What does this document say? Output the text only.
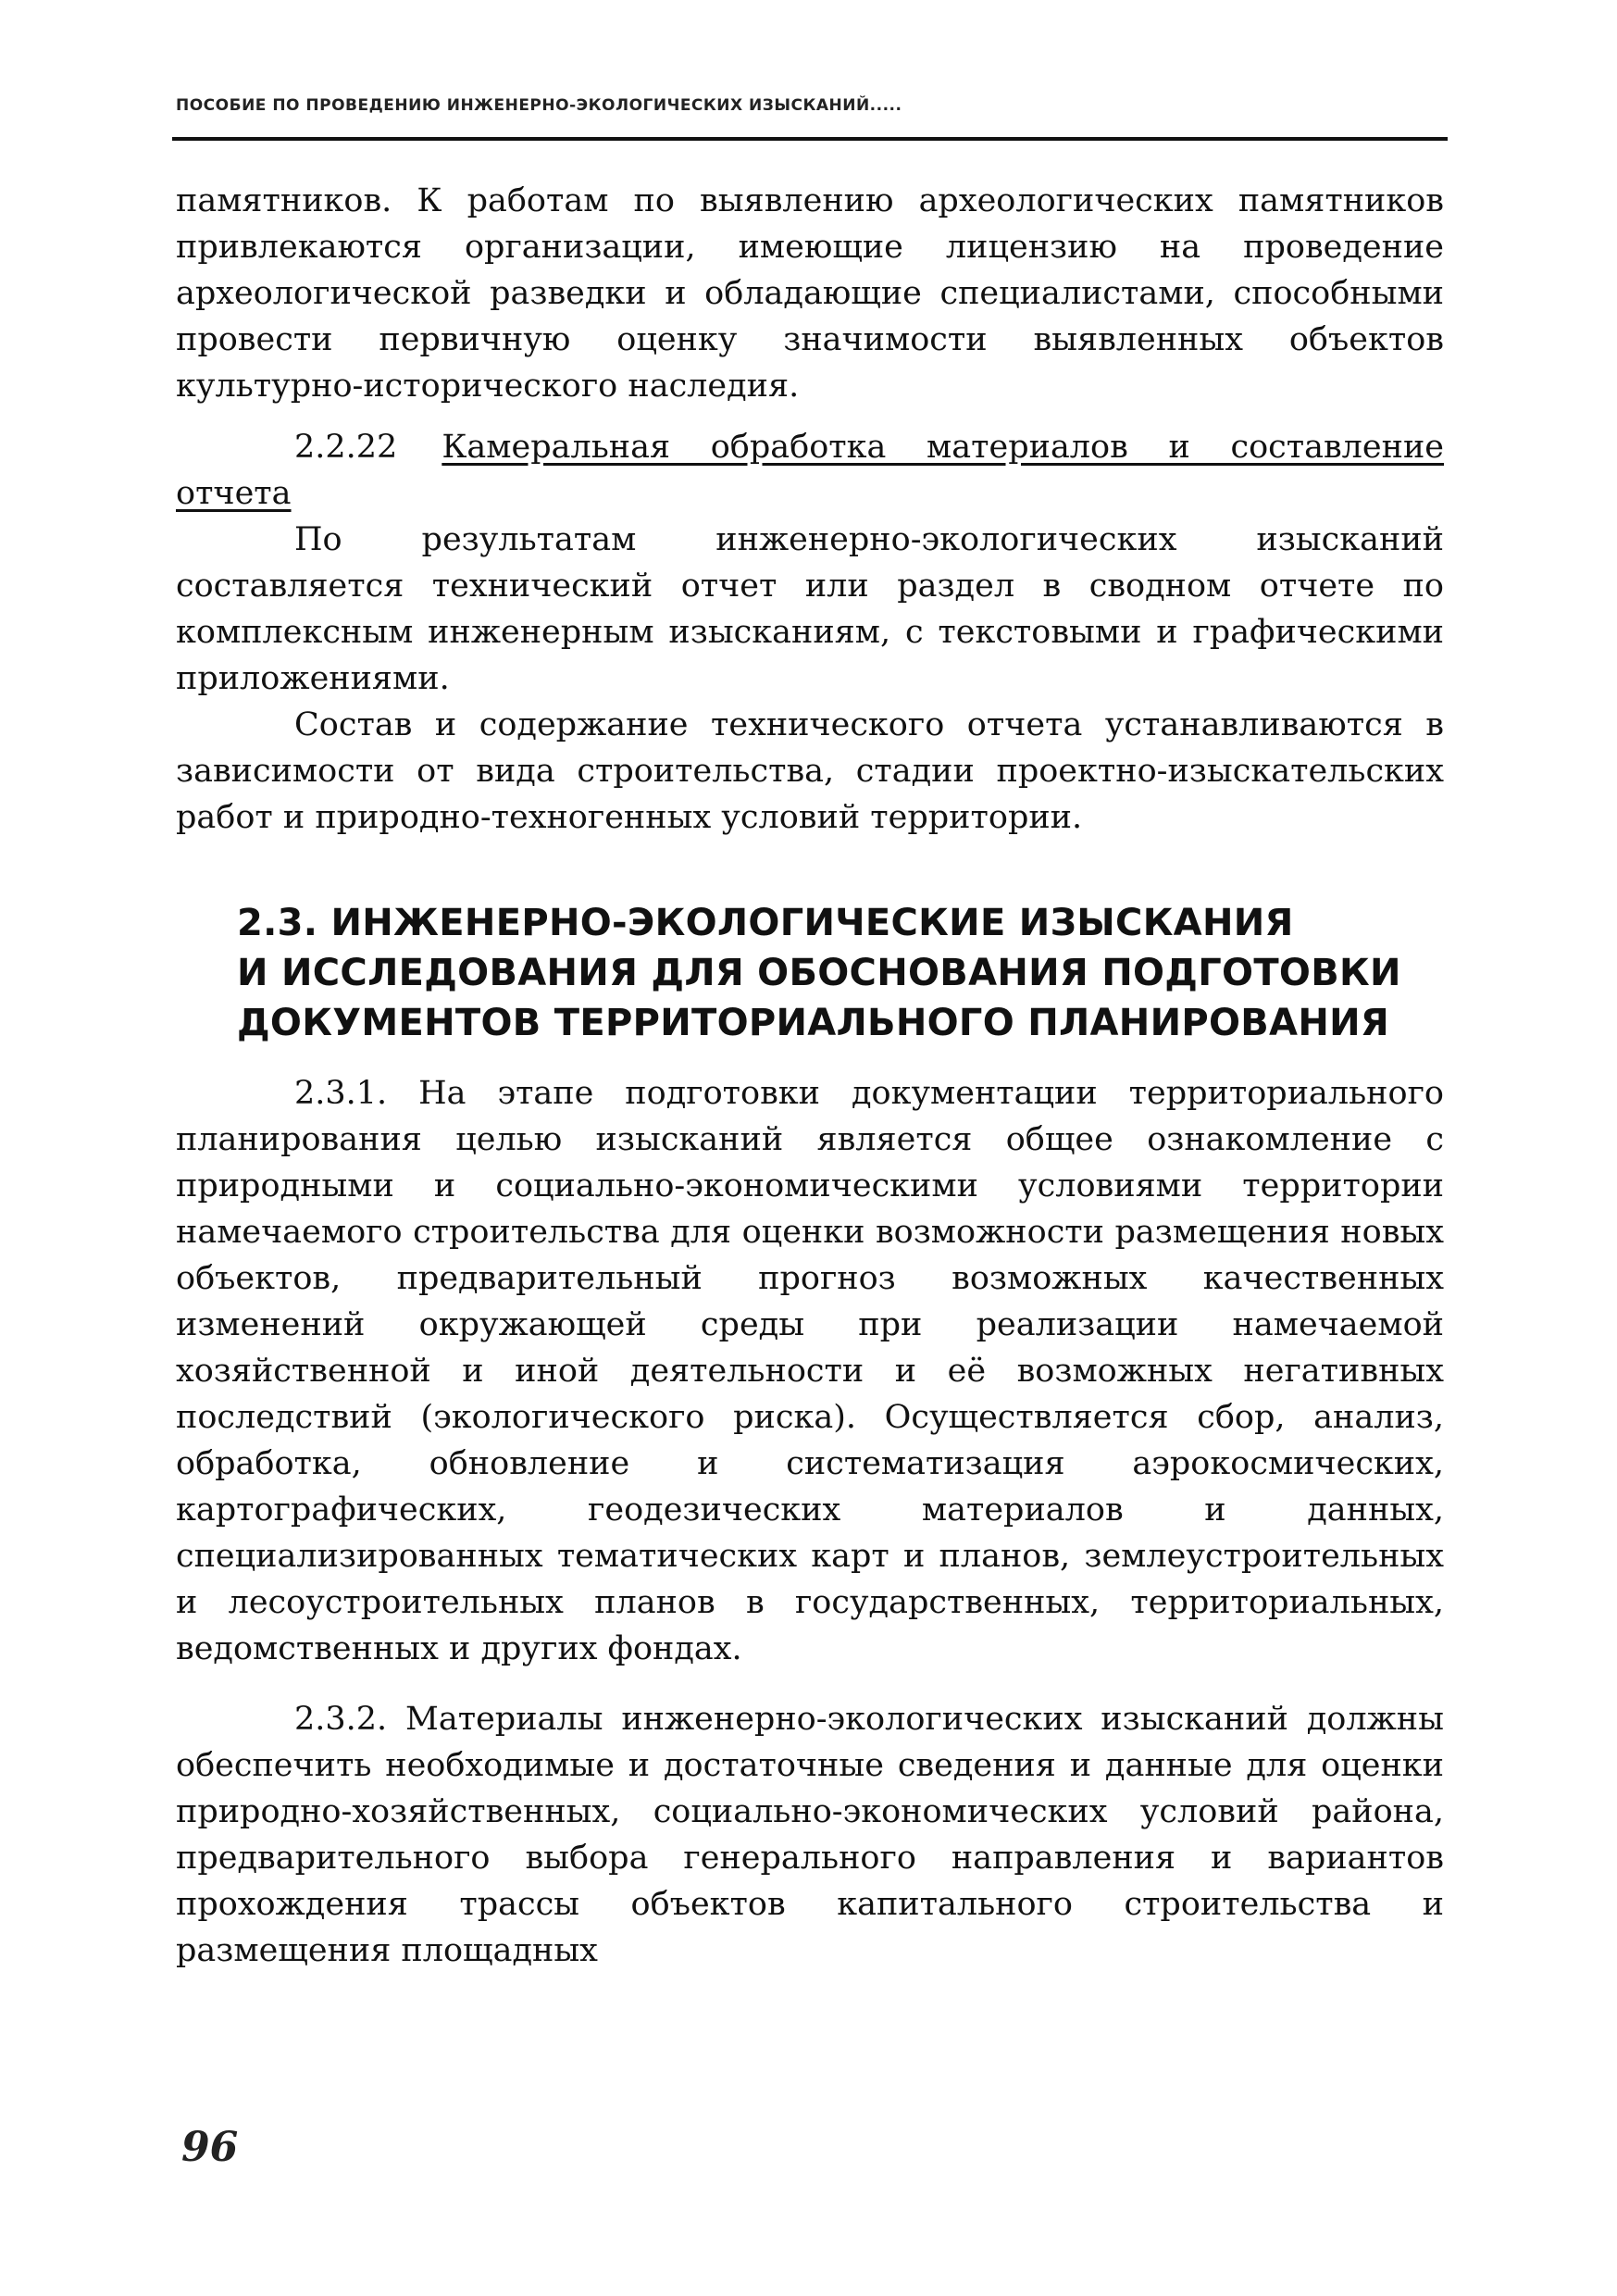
ПОСОБИЕ ПО ПРОВЕДЕНИЮ ИНЖЕНЕРНО-ЭКОЛОГИЧЕСКИХ ИЗЫСКАНИЙ.....

памятников. К работам по выявлению археологических памятников привлекаются организации, имеющие лицензию на проведение археологической разведки и обладающие специалистами, способными провести первичную оценку значимости выявленных объектов культурно-исторического наследия.

2.2.22 Камеральная обработка материалов и составление отчета

По результатам инженерно-экологических изысканий составляется технический отчет или раздел в сводном отчете по комплексным инженерным изысканиям, с текстовыми и графическими приложениями.

Состав и содержание технического отчета устанавливаются в зависимости от вида строительства, стадии проектно-изыскательских работ и природно-техногенных условий территории.

2.3. ИНЖЕНЕРНО-ЭКОЛОГИЧЕСКИЕ ИЗЫСКАНИЯ
И ИССЛЕДОВАНИЯ ДЛЯ ОБОСНОВАНИЯ ПОДГОТОВКИ
ДОКУМЕНТОВ ТЕРРИТОРИАЛЬНОГО ПЛАНИРОВАНИЯ

2.3.1. На этапе подготовки документации территориального планирования целью изысканий является общее ознакомление с природными и социально-экономическими условиями территории намечаемого строительства для оценки возможности размещения новых объектов, предварительный прогноз возможных качественных изменений окружающей среды при реализации намечаемой хозяйственной и иной деятельности и её возможных негативных последствий (экологического риска). Осуществляется сбор, анализ, обработка, обновление и систематизация аэрокосмических, картографических, геодезических материалов и данных, специализированных тематических карт и планов, землеустроительных и лесоустроительных планов в государственных, территориальных, ведомственных и других фондах.

2.3.2. Материалы инженерно-экологических изысканий должны обеспечить необходимые и достаточные сведения и данные для оценки природно-хозяйственных, социально-экономических условий района, предварительного выбора генерального направления и вариантов прохождения трассы объектов капитального строительства и размещения площадных

96
